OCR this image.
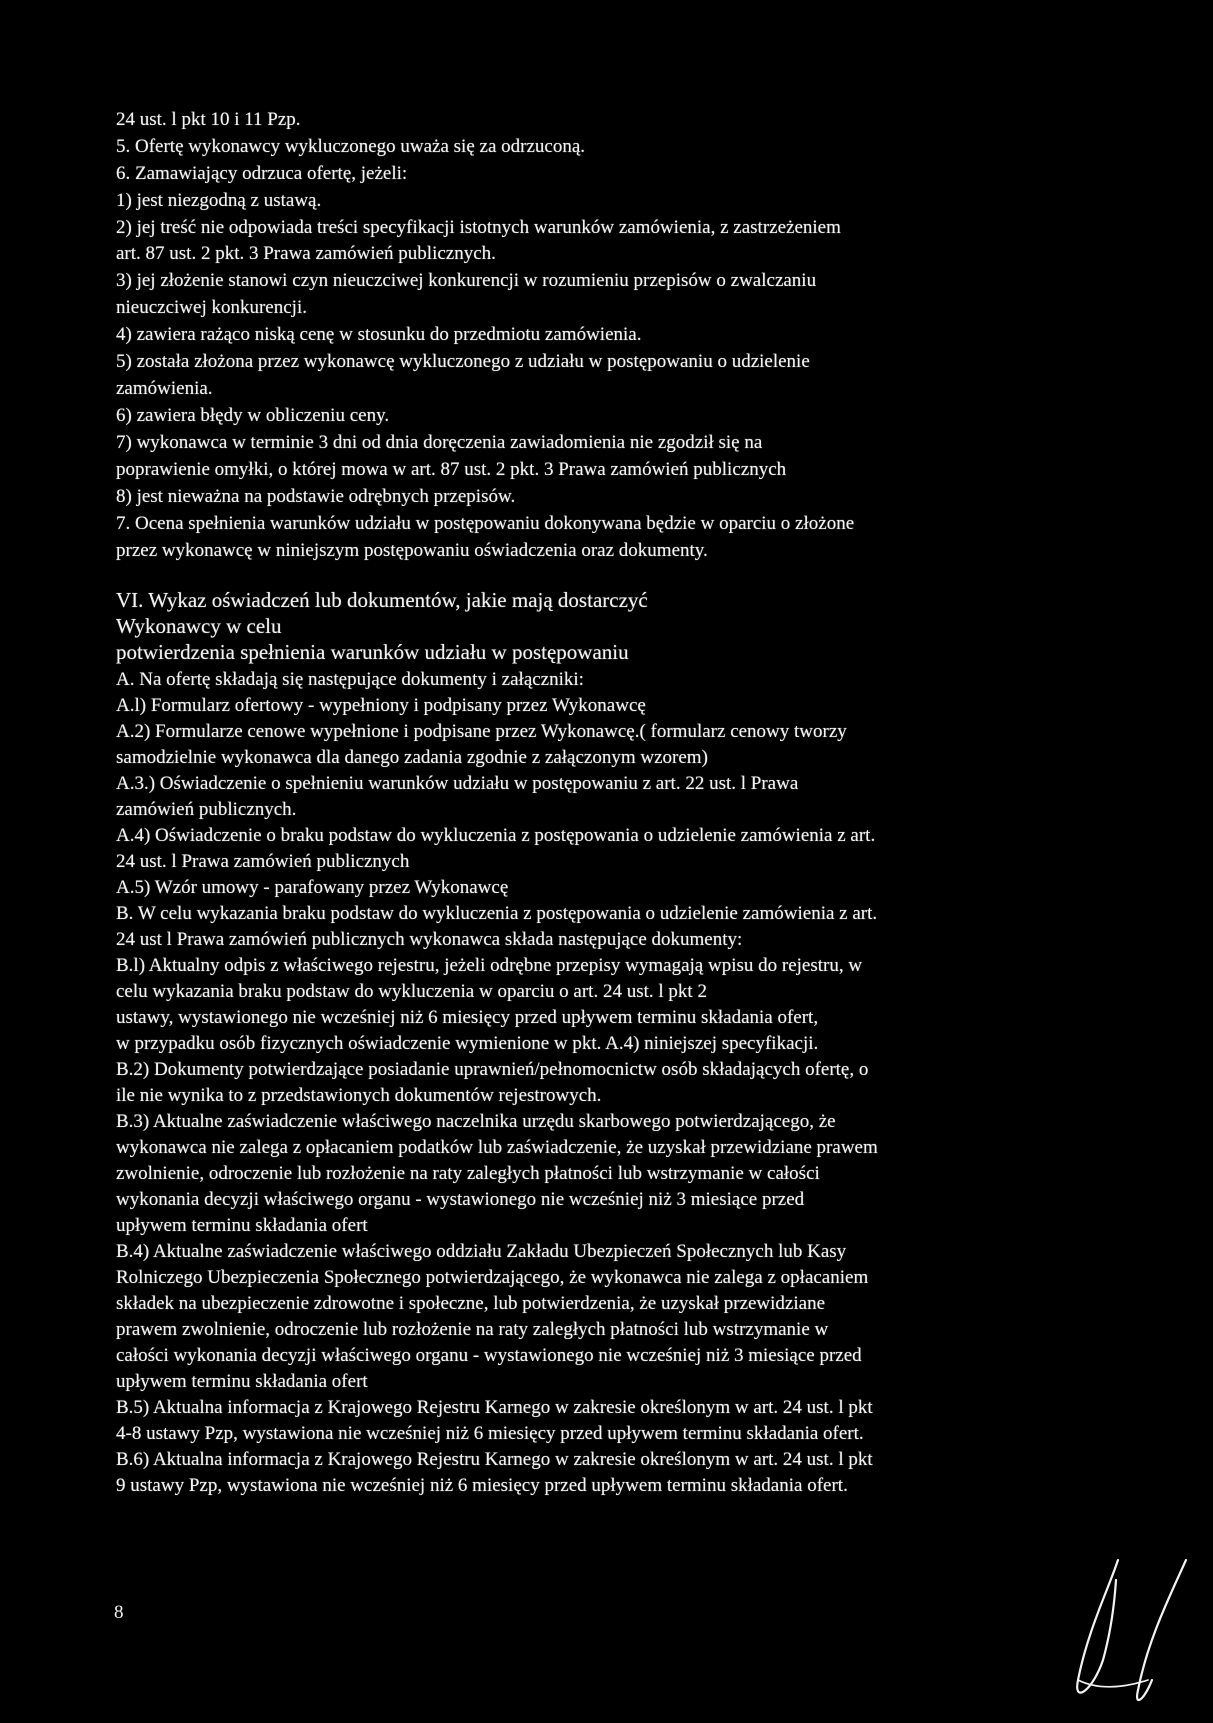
24 ust. l pkt 10 i 11 Pzp.
5. Ofertę wykonawcy wykluczonego uważa się za odrzuconą.
6. Zamawiający odrzuca ofertę, jeżeli:
1) jest niezgodną z ustawą.
2) jej treść nie odpowiada treści specyfikacji istotnych warunków zamówienia, z zastrzeżeniem
art. 87 ust. 2 pkt. 3 Prawa zamówień publicznych.
3) jej złożenie stanowi czyn nieuczciwej konkurencji w rozumieniu przepisów o zwalczaniu
nieuczciwej konkurencji.
4) zawiera rażąco niską cenę w stosunku do przedmiotu zamówienia.
5) została złożona przez wykonawcę wykluczonego z udziału w postępowaniu o udzielenie
zamówienia.
6) zawiera błędy w obliczeniu ceny.
7) wykonawca w terminie 3 dni od dnia doręczenia zawiadomienia nie zgodził się na
poprawienie omyłki, o której mowa w art. 87 ust. 2 pkt. 3 Prawa zamówień publicznych
8) jest nieważna na podstawie odrębnych przepisów.
7. Ocena spełnienia warunków udziału w postępowaniu dokonywana będzie w oparciu o złożone
przez wykonawcę w niniejszym postępowaniu oświadczenia oraz dokumenty.
VI. Wykaz oświadczeń lub dokumentów, jakie mają dostarczyć
Wykonawcy w celu
potwierdzenia spełnienia warunków udziału w postępowaniu
A. Na ofertę składają się następujące dokumenty i załączniki:
A.l) Formularz ofertowy - wypełniony i podpisany przez Wykonawcę
A.2) Formularze cenowe wypełnione i podpisane przez Wykonawcę.( formularz cenowy tworzy
samodzielnie wykonawca dla danego zadania zgodnie z załączonym wzorem)
A.3.) Oświadczenie o spełnieniu warunków udziału w postępowaniu z art. 22 ust. l Prawa
zamówień publicznych.
A.4) Oświadczenie o braku podstaw do wykluczenia z postępowania o udzielenie zamówienia z art.
24 ust. l Prawa zamówień publicznych
A.5) Wzór umowy - parafowany przez Wykonawcę
B. W celu wykazania braku podstaw do wykluczenia z postępowania o udzielenie zamówienia z art.
24 ust l Prawa zamówień publicznych wykonawca składa następujące dokumenty:
B.l) Aktualny odpis z właściwego rejestru, jeżeli odrębne przepisy wymagają wpisu do rejestru, w
celu wykazania braku podstaw do wykluczenia w oparciu o art. 24 ust. l pkt 2
ustawy, wystawionego nie wcześniej niż 6 miesięcy przed upływem terminu składania ofert,
w przypadku osób fizycznych oświadczenie wymienione w pkt. A.4) niniejszej specyfikacji.
B.2) Dokumenty potwierdzające posiadanie uprawnień/pełnomocnictw osób składających ofertę, o
ile nie wynika to z przedstawionych dokumentów rejestrowych.
B.3) Aktualne zaświadczenie właściwego naczelnika urzędu skarbowego potwierdzającego, że
wykonawca nie zalega z opłacaniem podatków lub zaświadczenie, że uzyskał przewidziane prawem
zwolnienie, odroczenie lub rozłożenie na raty zaległych płatności lub wstrzymanie w całości
wykonania decyzji właściwego organu - wystawionego nie wcześniej niż 3 miesiące przed
upływem terminu składania ofert
B.4) Aktualne zaświadczenie właściwego oddziału Zakładu Ubezpieczeń Społecznych lub Kasy
Rolniczego Ubezpieczenia Społecznego potwierdzającego, że wykonawca nie zalega z opłacaniem
składek na ubezpieczenie zdrowotne i społeczne, lub potwierdzenia, że uzyskał przewidziane
prawem zwolnienie, odroczenie lub rozłożenie na raty zaległych płatności lub wstrzymanie w
całości wykonania decyzji właściwego organu - wystawionego nie wcześniej niż 3 miesiące przed
upływem terminu składania ofert
B.5) Aktualna informacja z Krajowego Rejestru Karnego w zakresie określonym w art. 24 ust. l pkt
4-8 ustawy Pzp, wystawiona nie wcześniej niż 6 miesięcy przed upływem terminu składania ofert.
B.6) Aktualna informacja z Krajowego Rejestru Karnego w zakresie określonym w art. 24 ust. l pkt
9 ustawy Pzp, wystawiona nie wcześniej niż 6 miesięcy przed upływem terminu składania ofert.
8
